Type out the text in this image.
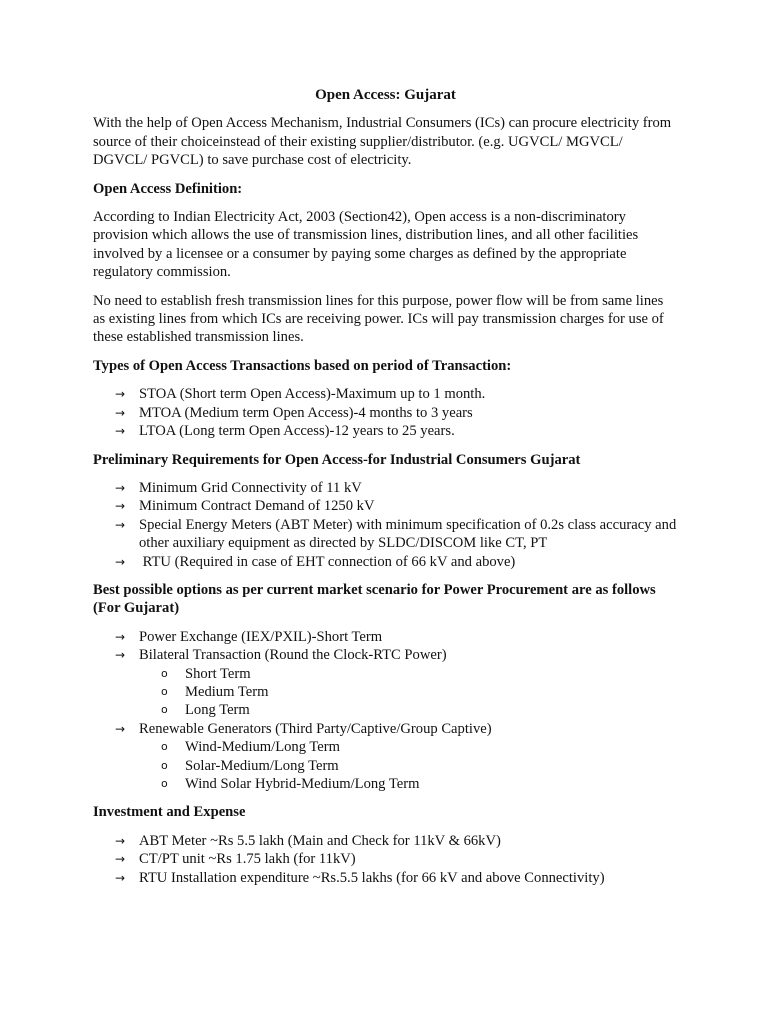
Open Access: Gujarat

With the help of Open Access Mechanism, Industrial Consumers (ICs) can procure electricity from source of their choiceinstead of their existing supplier/distributor. (e.g. UGVCL/ MGVCL/ DGVCL/ PGVCL) to save purchase cost of electricity.

Open Access Definition:

According to Indian Electricity Act, 2003 (Section42), Open access is a non-discriminatory provision which allows the use of transmission lines, distribution lines, and all other facilities involved by a licensee or a consumer by paying some charges as defined by the appropriate regulatory commission.

No need to establish fresh transmission lines for this purpose, power flow will be from same lines as existing lines from which ICs are receiving power. ICs will pay transmission charges for use of these established transmission lines.

Types of Open Access Transactions based on period of Transaction:
→ STOA (Short term Open Access)-Maximum up to 1 month.
→ MTOA (Medium term Open Access)-4 months to 3 years
→ LTOA (Long term Open Access)-12 years to 25 years.
Preliminary Requirements for Open Access-for Industrial Consumers Gujarat
→ Minimum Grid Connectivity of 11 kV
→ Minimum Contract Demand of 1250 kV
→ Special Energy Meters (ABT Meter) with minimum specification of 0.2s class accuracy and other auxiliary equipment as directed by SLDC/DISCOM like CT, PT
→ RTU (Required in case of EHT connection of 66 kV and above)
Best possible options as per current market scenario for Power Procurement are as follows (For Gujarat)
→ Power Exchange (IEX/PXIL)-Short Term
→ Bilateral Transaction (Round the Clock-RTC Power)
o Short Term
o Medium Term
o Long Term
→ Renewable Generators (Third Party/Captive/Group Captive)
o Wind-Medium/Long Term
o Solar-Medium/Long Term
o Wind Solar Hybrid-Medium/Long Term
Investment and Expense
→ ABT Meter ~Rs 5.5 lakh (Main and Check for 11kV & 66kV)
→ CT/PT unit ~Rs 1.75 lakh (for 11kV)
→ RTU Installation expenditure ~Rs.5.5 lakhs (for 66 kV and above Connectivity)
